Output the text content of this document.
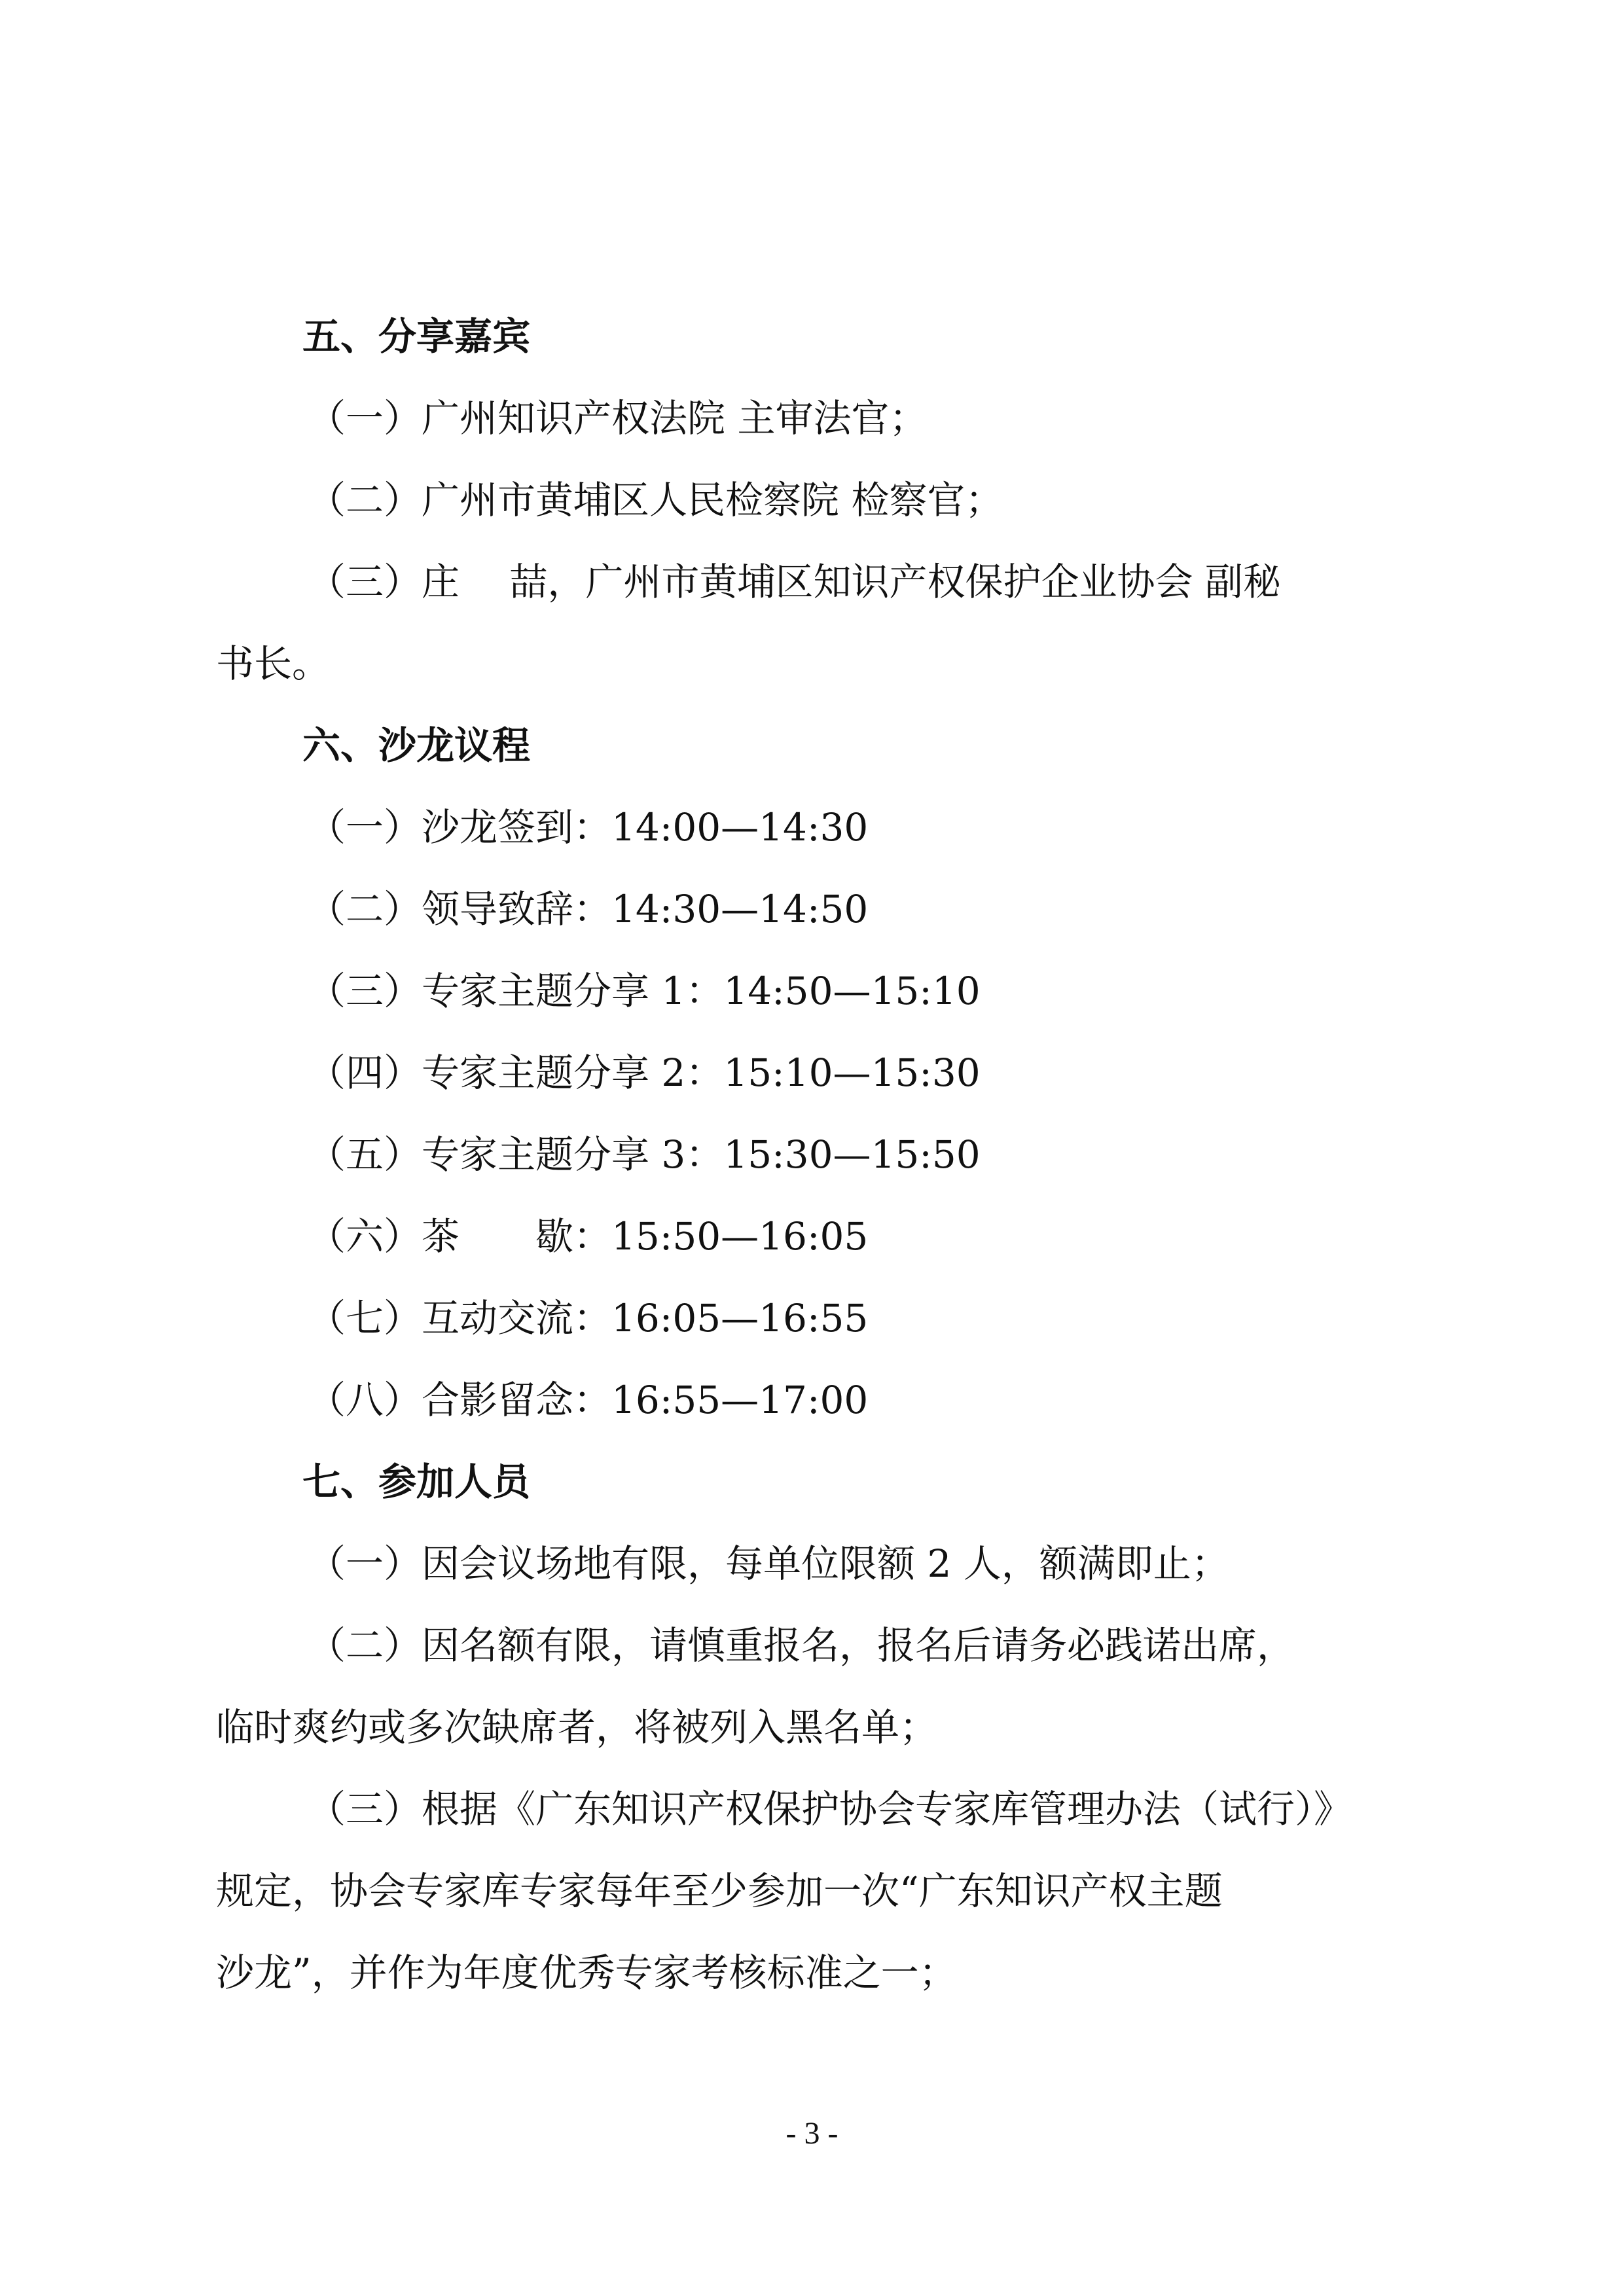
五、分享嘉宾
（一）广州知识产权法院 主审法官；
（二）广州市黄埔区人民检察院 检察官；
（三）庄　 喆，广州市黄埔区知识产权保护企业协会 副秘
书长。
六、沙龙议程
（一）沙龙签到：14:00—14:30
（二）领导致辞：14:30—14:50
（三）专家主题分享 1：14:50—15:10
（四）专家主题分享 2：15:10—15:30
（五）专家主题分享 3：15:30—15:50
（六）茶　　歇：15:50—16:05
（七）互动交流：16:05—16:55
（八）合影留念：16:55—17:00
七、参加人员
（一）因会议场地有限，每单位限额 2 人，额满即止；
（二）因名额有限，请慎重报名，报名后请务必践诺出席，
临时爽约或多次缺席者，将被列入黑名单；
（三）根据《广东知识产权保护协会专家库管理办法（试行）》
规定，协会专家库专家每年至少参加一次“广东知识产权主题
沙龙”，并作为年度优秀专家考核标准之一；
- 3 -
